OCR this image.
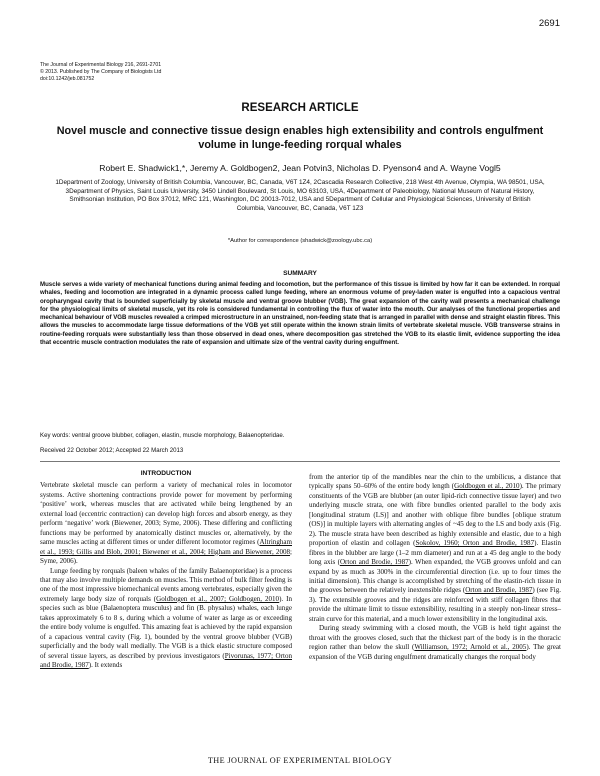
2691
The Journal of Experimental Biology 216, 2691-2701
© 2013. Published by The Company of Biologists Ltd
doi:10.1242/jeb.081752
RESEARCH ARTICLE
Novel muscle and connective tissue design enables high extensibility and controls engulfment volume in lunge-feeding rorqual whales
Robert E. Shadwick1,*, Jeremy A. Goldbogen2, Jean Potvin3, Nicholas D. Pyenson4 and A. Wayne Vogl5
1Department of Zoology, University of British Columbia, Vancouver, BC, Canada, V6T 1Z4, 2Cascadia Research Collective, 218 West 4th Avenue, Olympia, WA 98501, USA, 3Department of Physics, Saint Louis University, 3450 Lindell Boulevard, St Louis, MO 63103, USA, 4Department of Paleobiology, National Museum of Natural History, Smithsonian Institution, PO Box 37012, MRC 121, Washington, DC 20013-7012, USA and 5Department of Cellular and Physiological Sciences, University of British Columbia, Vancouver, BC, Canada, V6T 1Z3
*Author for correspondence (shadwick@zoology.ubc.ca)
SUMMARY
Muscle serves a wide variety of mechanical functions during animal feeding and locomotion, but the performance of this tissue is limited by how far it can be extended. In rorqual whales, feeding and locomotion are integrated in a dynamic process called lunge feeding, where an enormous volume of prey-laden water is engulfed into a capacious ventral oropharyngeal cavity that is bounded superficially by skeletal muscle and ventral groove blubber (VGB). The great expansion of the cavity wall presents a mechanical challenge for the physiological limits of skeletal muscle, yet its role is considered fundamental in controlling the flux of water into the mouth. Our analyses of the functional properties and mechanical behaviour of VGB muscles revealed a crimped microstructure in an unstrained, non-feeding state that is arranged in parallel with dense and straight elastin fibres. This allows the muscles to accommodate large tissue deformations of the VGB yet still operate within the known strain limits of vertebrate skeletal muscle. VGB transverse strains in routine-feeding rorquals were substantially less than those observed in dead ones, where decomposition gas stretched the VGB to its elastic limit, evidence supporting the idea that eccentric muscle contraction modulates the rate of expansion and ultimate size of the ventral cavity during engulfment.
Key words: ventral groove blubber, collagen, elastin, muscle morphology, Balaenopteridae.
Received 22 October 2012; Accepted 22 March 2013
INTRODUCTION

Vertebrate skeletal muscle can perform a variety of mechanical roles in locomotor systems. Active shortening contractions provide power for movement by performing ‘positive’ work, whereas muscles that are activated while being lengthened by an external load (eccentric contraction) can develop high forces and absorb energy, as they perform ‘negative’ work (Biewener, 2003; Syme, 2006). These differing and conflicting functions may be performed by anatomically distinct muscles or, alternatively, by the same muscles acting at different times or under different locomotor regimes (Altringham et al., 1993; Gillis and Blob, 2001; Biewener et al., 2004; Higham and Biewener, 2008; Syme, 2006).

Lunge feeding by rorquals (baleen whales of the family Balaenopteridae) is a process that may also involve multiple demands on muscles. This method of bulk filter feeding is one of the most impressive biomechanical events among vertebrates, especially given the extremely large body size of rorquals (Goldbogen et al., 2007; Goldbogen, 2010). In species such as blue (Balaenoptera musculus) and fin (B. physalus) whales, each lunge takes approximately 6 to 8 s, during which a volume of water as large as or exceeding the entire body volume is engulfed. This amazing feat is achieved by the rapid expansion of a capacious ventral cavity (Fig. 1), bounded by the ventral groove blubber (VGB) superficially and the body wall medially. The VGB is a thick elastic structure composed of several tissue layers, as described by previous investigators (Pivorunas, 1977; Orton and Brodie, 1987). It extends

from the anterior tip of the mandibles near the chin to the umbilicus, a distance that typically spans 50–60% of the entire body length (Goldbogen et al., 2010). The primary constituents of the VGB are blubber (an outer lipid-rich connective tissue layer) and two underlying muscle strata, one with fibre bundles oriented parallel to the body axis [longitudinal stratum (LS)] and another with oblique fibre bundles [oblique stratum (OS)] in multiple layers with alternating angles of ~45 deg to the LS and body axis (Fig. 2). The muscle strata have been described as highly extensible and elastic, due to a high proportion of elastin and collagen (Sokolov, 1960; Orton and Brodie, 1987). Elastin fibres in the blubber are large (1–2 mm diameter) and run at a 45 deg angle to the body long axis (Orton and Brodie, 1987). When expanded, the VGB grooves unfold and can expand by as much as 300% in the circumferential direction (i.e. up to four times the initial dimension). This change is accomplished by stretching of the elastin-rich tissue in the grooves between the relatively inextensible ridges (Orton and Brodie, 1987) (see Fig. 3). The extensible grooves and the ridges are reinforced with stiff collagen fibres that provide the ultimate limit to tissue extensibility, resulting in a steeply non-linear stress–strain curve for this material, and a much lower extensibility in the longitudinal axis.

During steady swimming with a closed mouth, the VGB is held tight against the throat with the grooves closed, such that the thickest part of the body is in the thoracic region rather than below the skull (Williamson, 1972; Arnold et al., 2005). The great expansion of the VGB during engulfment dramatically changes the rorqual body

THE JOURNAL OF EXPERIMENTAL BIOLOGY
